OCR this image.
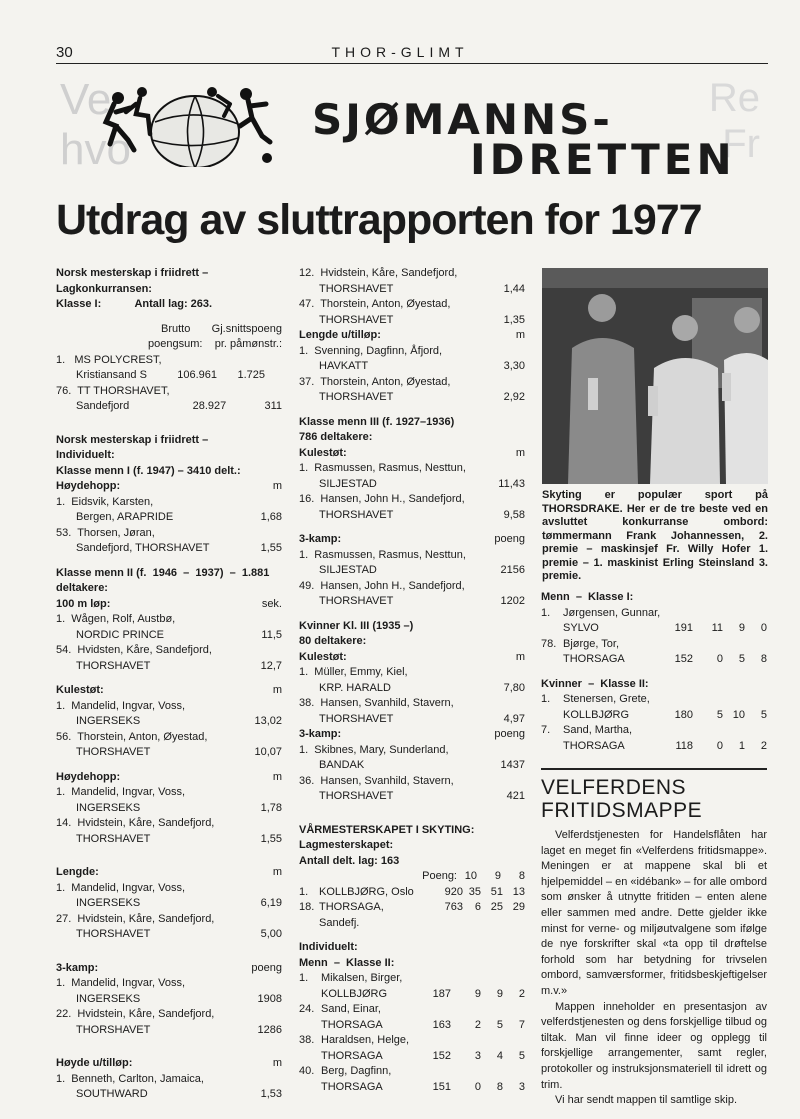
30	THOR-GLIMT
Ve
hvo
Re
Fr
SJØMANNS-
IDRETTEN
Utdrag av sluttrapporten for 1977
Norsk mesterskap i friidrett –
Lagkonkurransen:
Klasse I:           Antall lag: 263.
Brutto Gj.snittspoeng
poengsum: pr. påmønstr.:
1.   MS POLYCREST,
Kristiansand S	106.961	1.725
76.  TT THORSHAVET,
Sandefjord	28.927	311
Norsk mesterskap i friidrett –
Individuelt:
Klasse menn I (f. 1947) – 3410 delt.:
Høydehopp:	m
1.  Eidsvik, Karsten,
Bergen, ARAPRIDE	1,68
53.  Thorsen, Jøran,
Sandefjord, THORSHAVET	1,55
Klasse menn II (f.  1946  –  1937)  –  1.881
deltakere:
100 m løp:	sek.
1.  Wågen, Rolf, Austbø,
NORDIC PRINCE	11,5
54.  Hvidsten, Kåre, Sandefjord,
THORSHAVET	12,7
Kulestøt:	m
1.  Mandelid, Ingvar, Voss,
INGERSEKS	13,02
56.  Thorstein, Anton, Øyestad,
THORSHAVET	10,07
Høydehopp:	m
1.  Mandelid, Ingvar, Voss,
INGERSEKS	1,78
14.  Hvidstein, Kåre, Sandefjord,
THORSHAVET	1,55
Lengde:	m
1.  Mandelid, Ingvar, Voss,
INGERSEKS	6,19
27.  Hvidstein, Kåre, Sandefjord,
THORSHAVET	5,00
3-kamp:	poeng
1.  Mandelid, Ingvar, Voss,
INGERSEKS	1908
22.  Hvidstein, Kåre, Sandefjord,
THORSHAVET	1286
Høyde u/tilløp:	m
1.  Benneth, Carlton, Jamaica,
SOUTHWARD	1,53
12.  Hvidstein, Kåre, Sandefjord,
THORSHAVET	1,44
47.  Thorstein, Anton, Øyestad,
THORSHAVET	1,35
Lengde u/tilløp:	m
1.  Svenning, Dagfinn, Åfjord,
HAVKATT	3,30
37.  Thorstein, Anton, Øyestad,
THORSHAVET	2,92
Klasse menn III (f. 1927–1936)
786 deltakere:
Kulestøt:	m
1.  Rasmussen, Rasmus, Nesttun,
SILJESTAD	11,43
16.  Hansen, John H., Sandefjord,
THORSHAVET	9,58
3-kamp:	poeng
1.  Rasmussen, Rasmus, Nesttun,
SILJESTAD	2156
49.  Hansen, John H., Sandefjord,
THORSHAVET	1202
Kvinner Kl. III (1935 –)
80 deltakere:
Kulestøt:	m
1.  Müller, Emmy, Kiel,
KRP. HARALD	7,80
38.  Hansen, Svanhild, Stavern,
THORSHAVET	4,97
3-kamp:	poeng
1.  Skibnes, Mary, Sunderland,
BANDAK	1437
36.  Hansen, Svanhild, Stavern,
THORSHAVET	421
VÅRMESTERSKAPET I SKYTING:
Lagmesterskapet:
Antall delt. lag: 163
Poeng: 10	9	8
1. KOLLBJØRG, Oslo	920 35 51 13
18. THORSAGA, Sandefj.
763	6 25 29
Individuelt:
Menn  –  Klasse II:
1.	Mikalsen, Birger,
KOLLBJØRG	187	9	9	2
24. Sand, Einar,
THORSAGA	163	2	5	7
38. Haraldsen, Helge,
THORSAGA	152	3	4	5
40. Berg, Dagfinn,
THORSAGA	151	0	8	3
Skyting er populær sport på THORSDRAKE. Her er de tre beste ved en avsluttet konkurranse ombord: tømmermann Frank Johannessen, 2. premie – maskinsjef Fr. Willy Hofer 1. premie – 1. maskinist Erling Steinsland 3. premie.
Menn  –  Klasse I:
1.	Jørgensen, Gunnar,
SYLVO	191	11	9	0
78. Bjørge, Tor,
THORSAGA	152	0	5	8
Kvinner  –  Klasse II:
1.	Stenersen, Grete,
KOLLBJØRG	180	5 10	5
7.	Sand, Martha,
THORSAGA	118	0	1	2
VELFERDENS
FRITIDSMAPPE

Velferdstjenesten for Handelsflåten har laget en meget fin «Velferdens fritidsmappe». Meningen er at mappene skal bli et hjelpemiddel – en «idébank» – for alle ombord som ønsker å utnytte fritiden – enten alene eller sammen med andre. Dette gjelder ikke minst for verne- og miljøutvalgene som ifølge de nye forskrifter skal «ta opp til drøftelse forhold som har betydning for trivselen ombord, samværsformer, fritidsbeskjeftigelser m.v.»

Mappen inneholder en presentasjon av velferdstjenesten og dens forskjellige tilbud og tiltak. Man vil finne ideer og opplegg til forskjellige arrangementer, samt regler, protokoller og instruksjonsmateriell til idrett og trim.

Vi har sendt mappen til samtlige skip.
